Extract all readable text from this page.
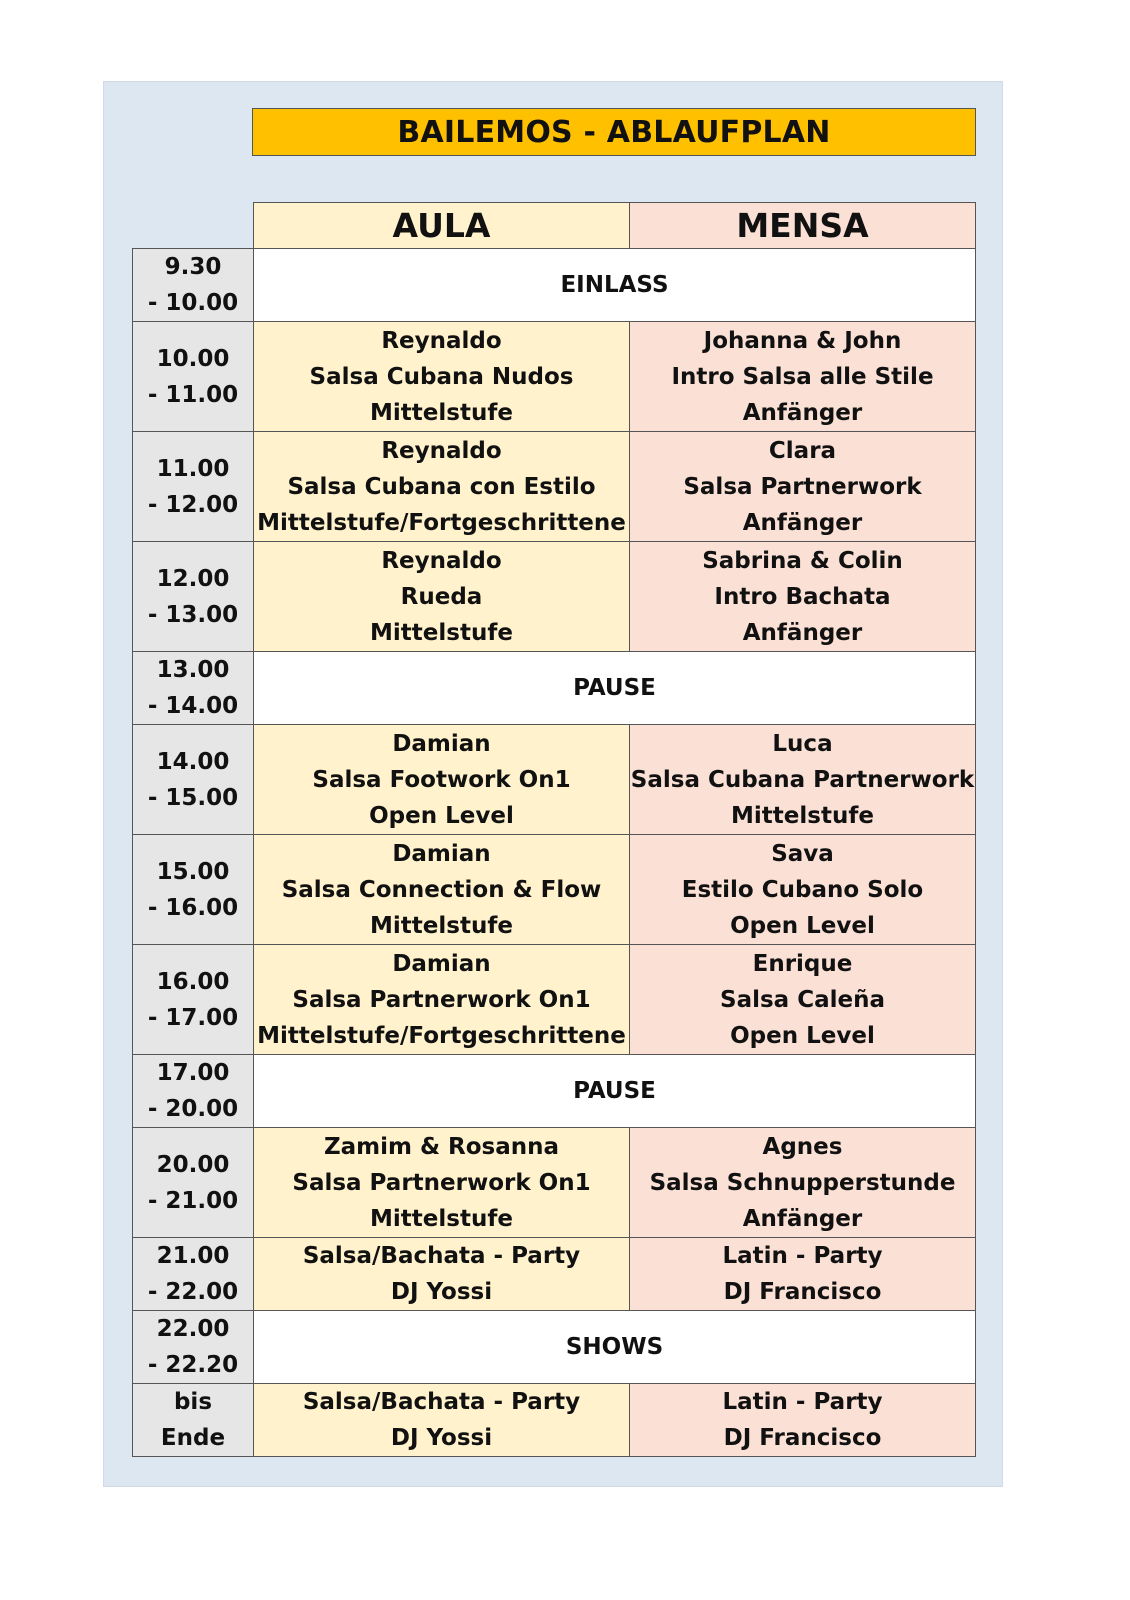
BAILEMOS - ABLAUFPLAN
AULA	MENSA
9.30
- 10.00
EINLASS
10.00
- 11.00
Reynaldo
Salsa Cubana Nudos
Mittelstufe
Johanna & John
Intro Salsa alle Stile
Anfänger
11.00
- 12.00
Reynaldo
Salsa Cubana con Estilo
Mittelstufe/Fortgeschrittene
Clara
Salsa Partnerwork
Anfänger
12.00
- 13.00
Reynaldo
Rueda
Mittelstufe
Sabrina & Colin
Intro Bachata
Anfänger
13.00
- 14.00
PAUSE
14.00
- 15.00
Damian
Salsa Footwork On1
Open Level
Luca
Salsa Cubana Partnerwork
Mittelstufe
15.00
- 16.00
Damian
Salsa Connection & Flow
Mittelstufe
Sava
Estilo Cubano Solo
Open Level
16.00
- 17.00
Damian
Salsa Partnerwork On1
Mittelstufe/Fortgeschrittene
Enrique
Salsa Caleña
Open Level
17.00
- 20.00
PAUSE
20.00
- 21.00
Zamim & Rosanna
Salsa Partnerwork On1
Mittelstufe
Agnes
Salsa Schnupperstunde
Anfänger
21.00
- 22.00
Salsa/Bachata - Party
DJ Yossi
Latin - Party
DJ Francisco
22.00
- 22.20
SHOWS
bis
Ende
Salsa/Bachata - Party
DJ Yossi
Latin - Party
DJ Francisco
